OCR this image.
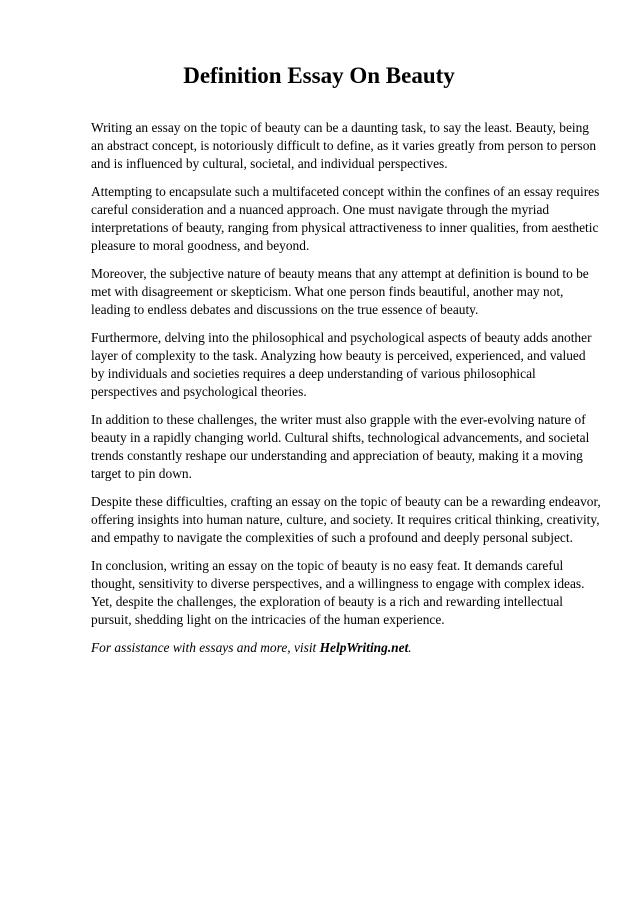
Definition Essay On Beauty

Writing an essay on the topic of beauty can be a daunting task, to say the least. Beauty, being an abstract concept, is notoriously difficult to define, as it varies greatly from person to person and is influenced by cultural, societal, and individual perspectives.

Attempting to encapsulate such a multifaceted concept within the confines of an essay requires careful consideration and a nuanced approach. One must navigate through the myriad interpretations of beauty, ranging from physical attractiveness to inner qualities, from aesthetic pleasure to moral goodness, and beyond.

Moreover, the subjective nature of beauty means that any attempt at definition is bound to be met with disagreement or skepticism. What one person finds beautiful, another may not, leading to endless debates and discussions on the true essence of beauty.

Furthermore, delving into the philosophical and psychological aspects of beauty adds another layer of complexity to the task. Analyzing how beauty is perceived, experienced, and valued by individuals and societies requires a deep understanding of various philosophical perspectives and psychological theories.

In addition to these challenges, the writer must also grapple with the ever-evolving nature of beauty in a rapidly changing world. Cultural shifts, technological advancements, and societal trends constantly reshape our understanding and appreciation of beauty, making it a moving target to pin down.

Despite these difficulties, crafting an essay on the topic of beauty can be a rewarding endeavor, offering insights into human nature, culture, and society. It requires critical thinking, creativity, and empathy to navigate the complexities of such a profound and deeply personal subject.

In conclusion, writing an essay on the topic of beauty is no easy feat. It demands careful thought, sensitivity to diverse perspectives, and a willingness to engage with complex ideas. Yet, despite the challenges, the exploration of beauty is a rich and rewarding intellectual pursuit, shedding light on the intricacies of the human experience.

For assistance with essays and more, visit HelpWriting.net.
